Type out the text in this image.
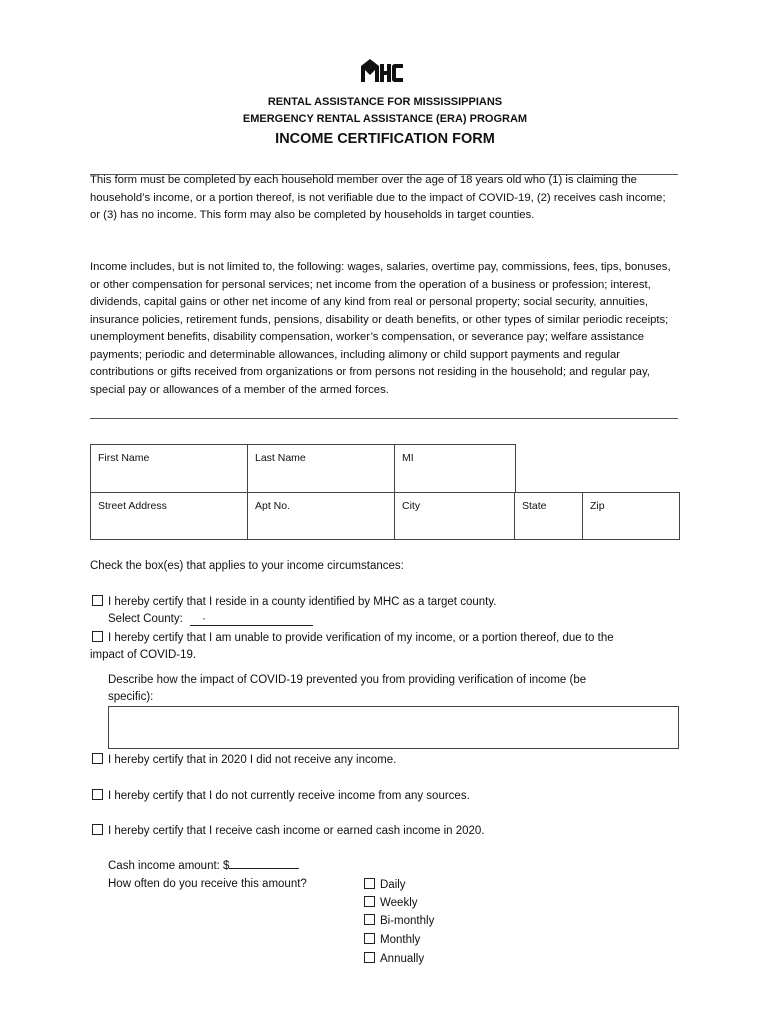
RENTAL ASSISTANCE FOR MISSISSIPPIANS
EMERGENCY RENTAL ASSISTANCE (ERA) PROGRAM
INCOME CERTIFICATION FORM
This form must be completed by each household member over the age of 18 years old who (1) is claiming the household’s income, or a portion thereof, is not verifiable due to the impact of COVID-19, (2) receives cash income; or (3) has no income. This form may also be completed by households in target counties.
Income includes, but is not limited to, the following: wages, salaries, overtime pay, commissions, fees, tips, bonuses, or other compensation for personal services; net income from the operation of a business or profession; interest, dividends, capital gains or other net income of any kind from real or personal property; social security, annuities, insurance policies, retirement funds, pensions, disability or death benefits, or other types of similar periodic receipts; unemployment benefits, disability compensation, worker’s compensation, or severance pay; welfare assistance payments; periodic and determinable allowances, including alimony or child support payments and regular contributions or gifts received from organizations or from persons not residing in the household; and regular pay, special pay or allowances of a member of the armed forces.
First Name	Last Name	MI
Street Address	Apt No.	City	State	Zip
Check the box(es) that applies to your income circumstances:
I hereby certify that I reside in a county identified by MHC as a target county.
Select County: ·
I hereby certify that I am unable to provide verification of my income, or a portion thereof, due to the
impact of COVID-19.
Describe how the impact of COVID-19 prevented you from providing verification of income (be
specific):
I hereby certify that in 2020 I did not receive any income.
I hereby certify that I do not currently receive income from any sources.
I hereby certify that I receive cash income or earned cash income in 2020.
Cash income amount: $
How often do you receive this amount?	Daily
Weekly
Bi-monthly
Monthly
Annually
